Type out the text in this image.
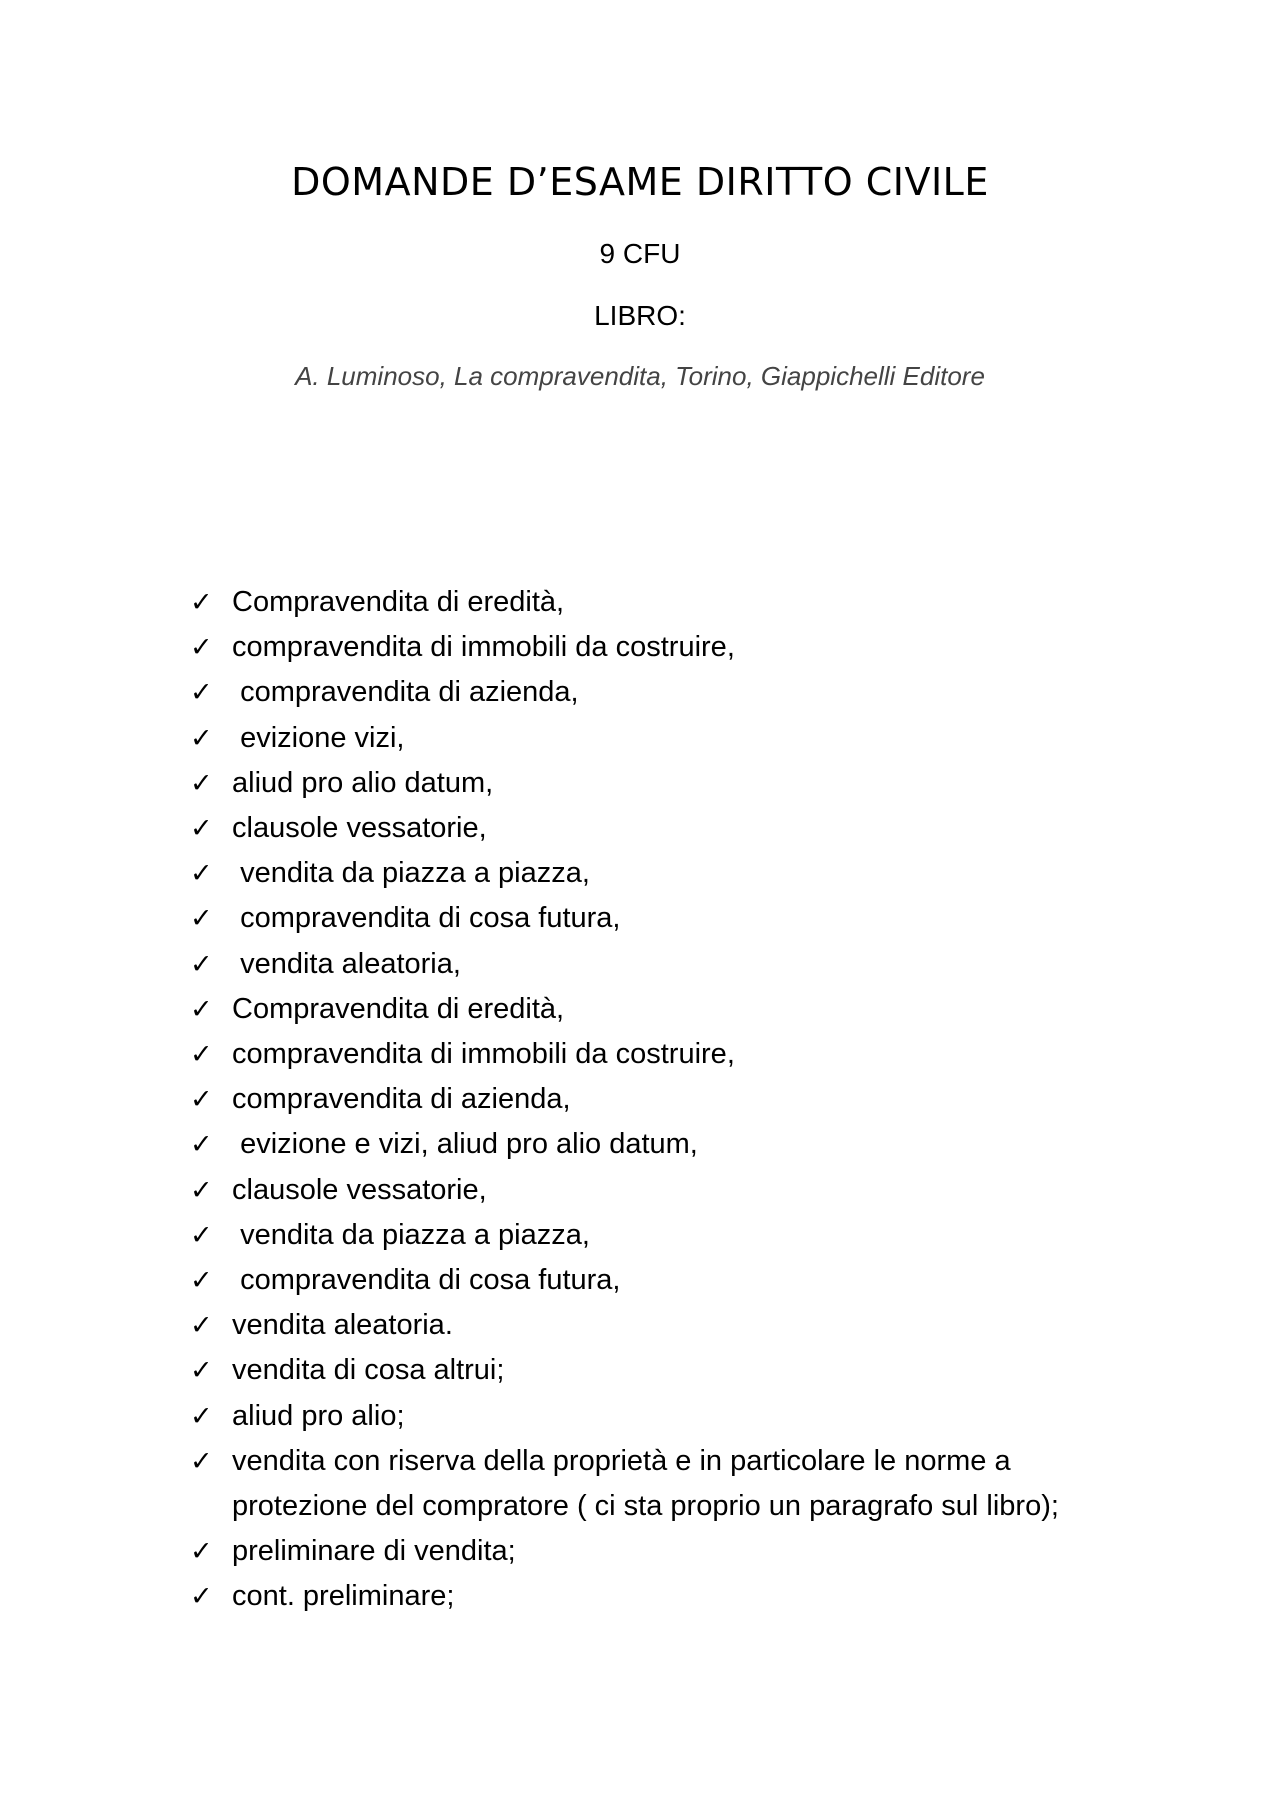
DOMANDE D’ESAME DIRITTO CIVILE
9 CFU
LIBRO:
A. Luminoso, La compravendita, Torino, Giappichelli Editore
✓ Compravendita di eredità,
✓ compravendita di immobili da costruire,
✓ compravendita di azienda,
✓ evizione vizi,
✓ aliud pro alio datum,
✓ clausole vessatorie,
✓ vendita da piazza a piazza,
✓ compravendita di cosa futura,
✓ vendita aleatoria,
✓ Compravendita di eredità,
✓ compravendita di immobili da costruire,
✓ compravendita di azienda,
✓ evizione e vizi, aliud pro alio datum,
✓ clausole vessatorie,
✓ vendita da piazza a piazza,
✓ compravendita di cosa futura,
✓ vendita aleatoria.
✓ vendita di cosa altrui;
✓ aliud pro alio;
✓ vendita con riserva della proprietà e in particolare le norme a protezione del compratore ( ci sta proprio un paragrafo sul libro);
✓ preliminare di vendita;
✓ cont. preliminare;
